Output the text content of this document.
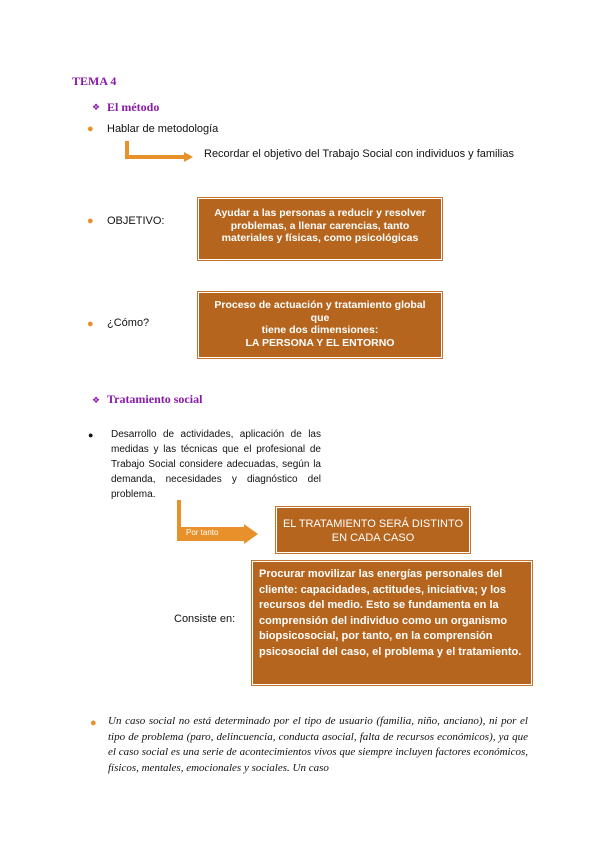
TEMA 4
❖ El método
● Hablar de metodología
Recordar el objetivo del Trabajo Social con individuos y familias
● OBJETIVO:
Ayudar a las personas a reducir y resolver problemas, a llenar carencias, tanto materiales y físicas, como psicológicas
● ¿Cómo?
Proceso de actuación y tratamiento global
que
tiene dos dimensiones:
LA PERSONA Y EL ENTORNO
❖ Tratamiento social
● Desarrollo de actividades, aplicación de las medidas y las técnicas que el profesional de Trabajo Social considere adecuadas, según la demanda, necesidades y diagnóstico del problema.
Por tanto
EL TRATAMIENTO SERÁ DISTINTO
EN CADA CASO
Consiste en:
Procurar movilizar las energías personales del cliente: capacidades, actitudes, iniciativa; y los recursos del medio. Esto se fundamenta en la comprensión del individuo como un organismo biopsicosocial, por tanto, en la comprensión psicosocial del caso, el problema y el tratamiento.
● Un caso social no está determinado por el tipo de usuario (familia, niño, anciano), ni por el tipo de problema (paro, delincuencia, conducta asocial, falta de recursos económicos), ya que el caso social es una serie de acontecimientos vivos que siempre incluyen factores económicos, físicos, mentales, emocionales y sociales. Un caso
